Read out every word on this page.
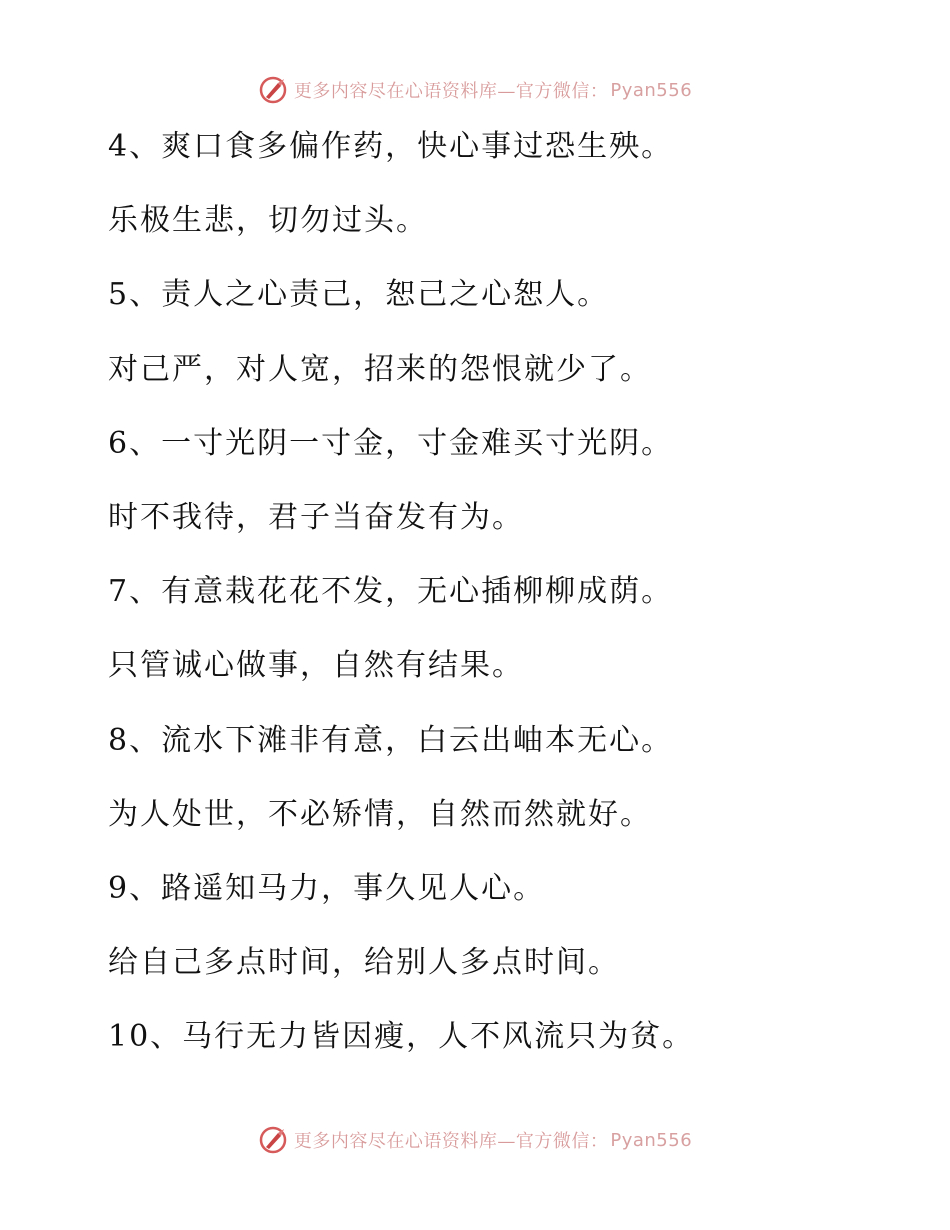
更多内容尽在心语资料库—官方微信： Pyan556
4、爽口食多偏作药，快心事过恐生殃。
乐极生悲，切勿过头。
5、责人之心责己，恕己之心恕人。
对己严，对人宽，招来的怨恨就少了。
6、一寸光阴一寸金，寸金难买寸光阴。
时不我待，君子当奋发有为。
7、有意栽花花不发，无心插柳柳成荫。
只管诚心做事，自然有结果。
8、流水下滩非有意，白云出岫本无心。
为人处世，不必矫情，自然而然就好。
9、路遥知马力，事久见人心。
给自己多点时间，给别人多点时间。
10、马行无力皆因瘦，人不风流只为贫。
更多内容尽在心语资料库—官方微信： Pyan556
